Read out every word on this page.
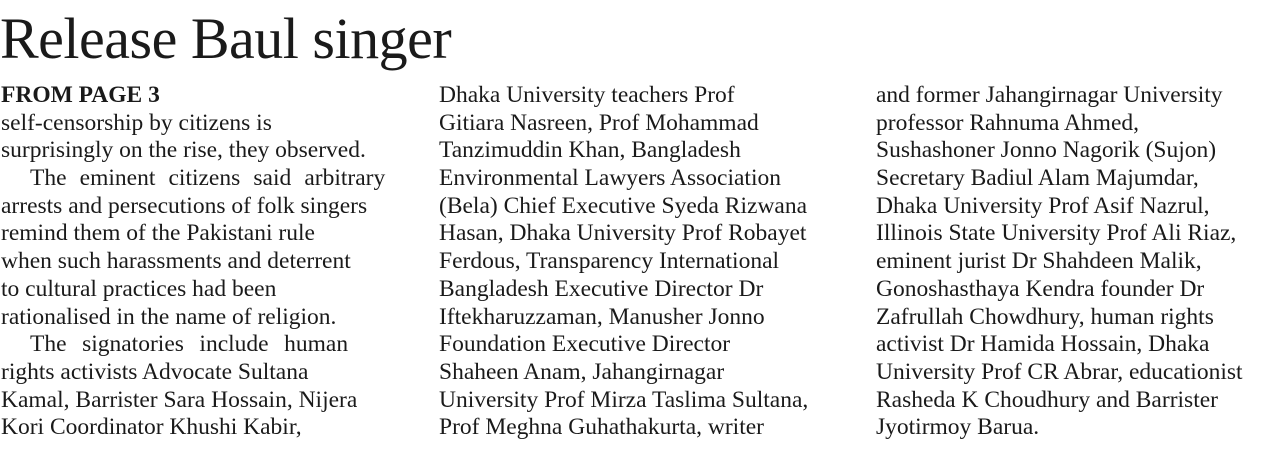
Release Baul singer
FROM PAGE 3
self-censorship by citizens is
surprisingly on the rise, they observed.
The eminent citizens said arbitrary
arrests and persecutions of folk singers
remind them of the Pakistani rule
when such harassments and deterrent
to cultural practices had been
rationalised in the name of religion.
The signatories include human
rights activists Advocate Sultana
Kamal, Barrister Sara Hossain, Nijera
Kori Coordinator Khushi Kabir,
Dhaka University teachers Prof
Gitiara Nasreen, Prof Mohammad
Tanzimuddin Khan, Bangladesh
Environmental Lawyers Association
(Bela) Chief Executive Syeda Rizwana
Hasan, Dhaka University Prof Robayet
Ferdous, Transparency International
Bangladesh Executive Director Dr
Iftekharuzzaman, Manusher Jonno
Foundation Executive Director
Shaheen Anam, Jahangirnagar
University Prof Mirza Taslima Sultana,
Prof Meghna Guhathakurta, writer
and former Jahangirnagar University
professor Rahnuma Ahmed,
Sushashoner Jonno Nagorik (Sujon)
Secretary Badiul Alam Majumdar,
Dhaka University Prof Asif Nazrul,
Illinois State University Prof Ali Riaz,
eminent jurist Dr Shahdeen Malik,
Gonoshasthaya Kendra founder Dr
Zafrullah Chowdhury, human rights
activist Dr Hamida Hossain, Dhaka
University Prof CR Abrar, educationist
Rasheda K Choudhury and Barrister
Jyotirmoy Barua.
